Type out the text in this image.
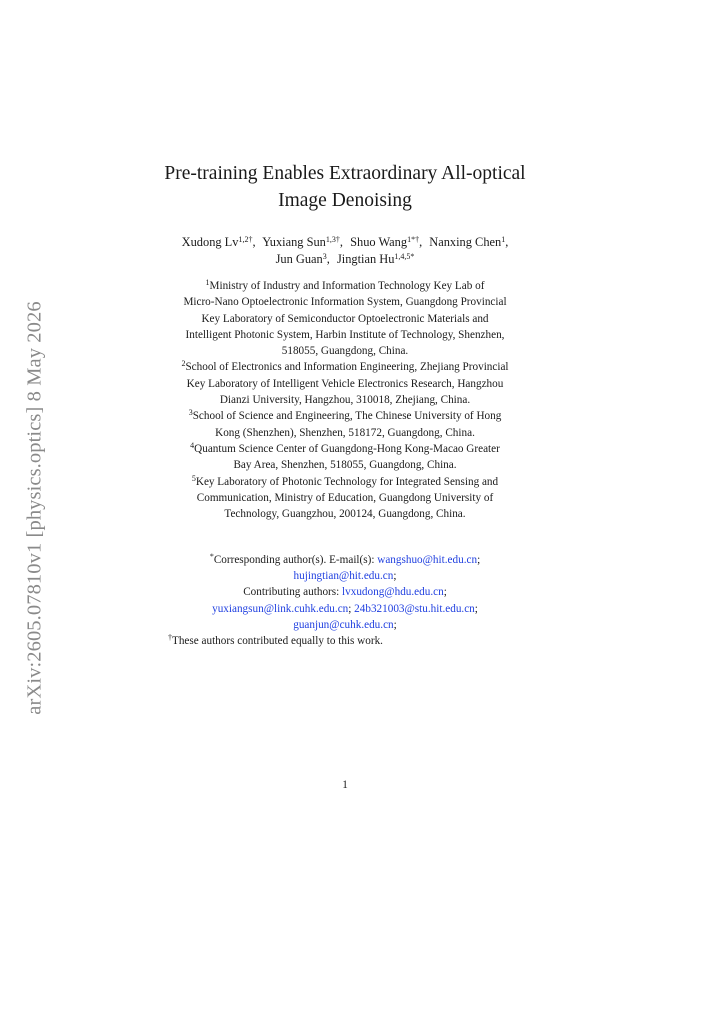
arXiv:2605.07810v1 [physics.optics] 8 May 2026
Pre-training Enables Extraordinary All-optical
Image Denoising
Xudong $Lv^{1,2\dagger}$, Yuxiang Sun$^{1,3\dagger}$, Shuo Wang$^{1*\dagger}$, Nanxing Chen$^1$,
Jun Guan$^3$, Jingtian $Hu^{1,4,5*}$
$^1$Ministry of Industry and Information Technology Key Lab of
Micro-Nano Optoelectronic Information System, Guangdong Provincial
Key Laboratory of Semiconductor Optoelectronic Materials and
Intelligent Photonic System, Harbin Institute of Technology, Shenzhen,
518055, Guangdong, China.
$^2$School of Electronics and Information Engineering, Zhejiang Provincial
Key Laboratory of Intelligent Vehicle Electronics Research, Hangzhou
Dianzi University, Hangzhou, 310018, Zhejiang, China.
$^3$School of Science and Engineering, The Chinese University of Hong
Kong (Shenzhen), Shenzhen, 518172, Guangdong, China.
$^4$Quantum Science Center of Guangdong-Hong Kong-Macao Greater
Bay Area, Shenzhen, 518055, Guangdong, China.
$^5$Key Laboratory of Photonic Technology for Integrated Sensing and
Communication, Ministry of Education, Guangdong University of
Technology, Guangzhou, 200124, Guangdong, China.
*Corresponding author(s). E-mail(s): wangshuo@hit.edu.cn;
hujingtian@hit.edu.cn;
Contributing authors: lvxudong@hdu.edu.cn;
yuxiangsun@link.cuhk.edu.cn; 24b321003@stu.hit.edu.cn;
guanjun@cuhk.edu.cn;
†These authors contributed equally to this work.
1
